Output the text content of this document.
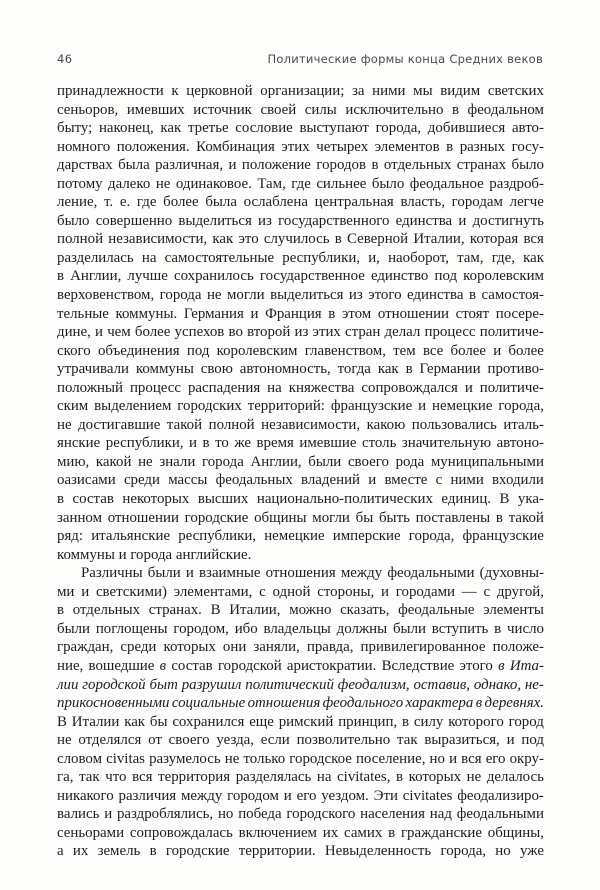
46	Политические формы конца Средних веков
принадлежности к церковной организации; за ними мы видим светских
сеньоров, имевших источник своей силы исключительно в феодальном
быту; наконец, как третье сословие выступают города, добившиеся авто-
номного положения. Комбинация этих четырех элементов в разных госу-
дарствах была различная, и положение городов в отдельных странах было
потому далеко не одинаковое. Там, где сильнее было феодальное раздроб-
ление, т. е. где более была ослаблена центральная власть, городам легче
было совершенно выделиться из государственного единства и достигнуть
полной независимости, как это случилось в Северной Италии, которая вся
разделилась на самостоятельные республики, и, наоборот, там, где, как
в Англии, лучше сохранилось государственное единство под королевским
верховенством, города не могли выделиться из этого единства в самостоя-
тельные коммуны. Германия и Франция в этом отношении стоят посере-
дине, и чем более успехов во второй из этих стран делал процесс политиче-
ского объединения под королевским главенством, тем все более и более
утрачивали коммуны свою автономность, тогда как в Германии противо-
положный процесс распадения на княжества сопровождался и политиче-
ским выделением городских территорий: французские и немецкие города,
не достигавшие такой полной независимости, какою пользовались италь-
янские республики, и в то же время имевшие столь значительную автоно-
мию, какой не знали города Англии, были своего рода муниципальными
оазисами среди массы феодальных владений и вместе с ними входили
в состав некоторых высших национально-политических единиц. В ука-
занном отношении городские общины могли бы быть поставлены в такой
ряд: итальянские республики, немецкие имперские города, французские
коммуны и города английские.
Различны были и взаимные отношения между феодальными (духовны-
ми и светскими) элементами, с одной стороны, и городами — с другой,
в отдельных странах. В Италии, можно сказать, феодальные элементы
были поглощены городом, ибо владельцы должны были вступить в число
граждан, среди которых они заняли, правда, привилегированное положе-
ние, вошедшие в состав городской аристократии. Вследствие этого в Ита-
лии городской быт разрушил политический феодализм, оставив, однако, не-
прикосновенными социальные отношения феодального характера в деревнях.
В Италии как бы сохранился еще римский принцип, в силу которого город
не отделялся от своего уезда, если позволительно так выразиться, и под
словом civitas разумелось не только городское поселение, но и вся его окру-
га, так что вся территория разделялась на civitates, в которых не делалось
никакого различия между городом и его уездом. Эти civitates феодализиро-
вались и раздроблялись, но победа городского населения над феодальными
сеньорами сопровождалась включением их самих в гражданские общины,
а их земель в городские территории. Невыделенность города, но уже
